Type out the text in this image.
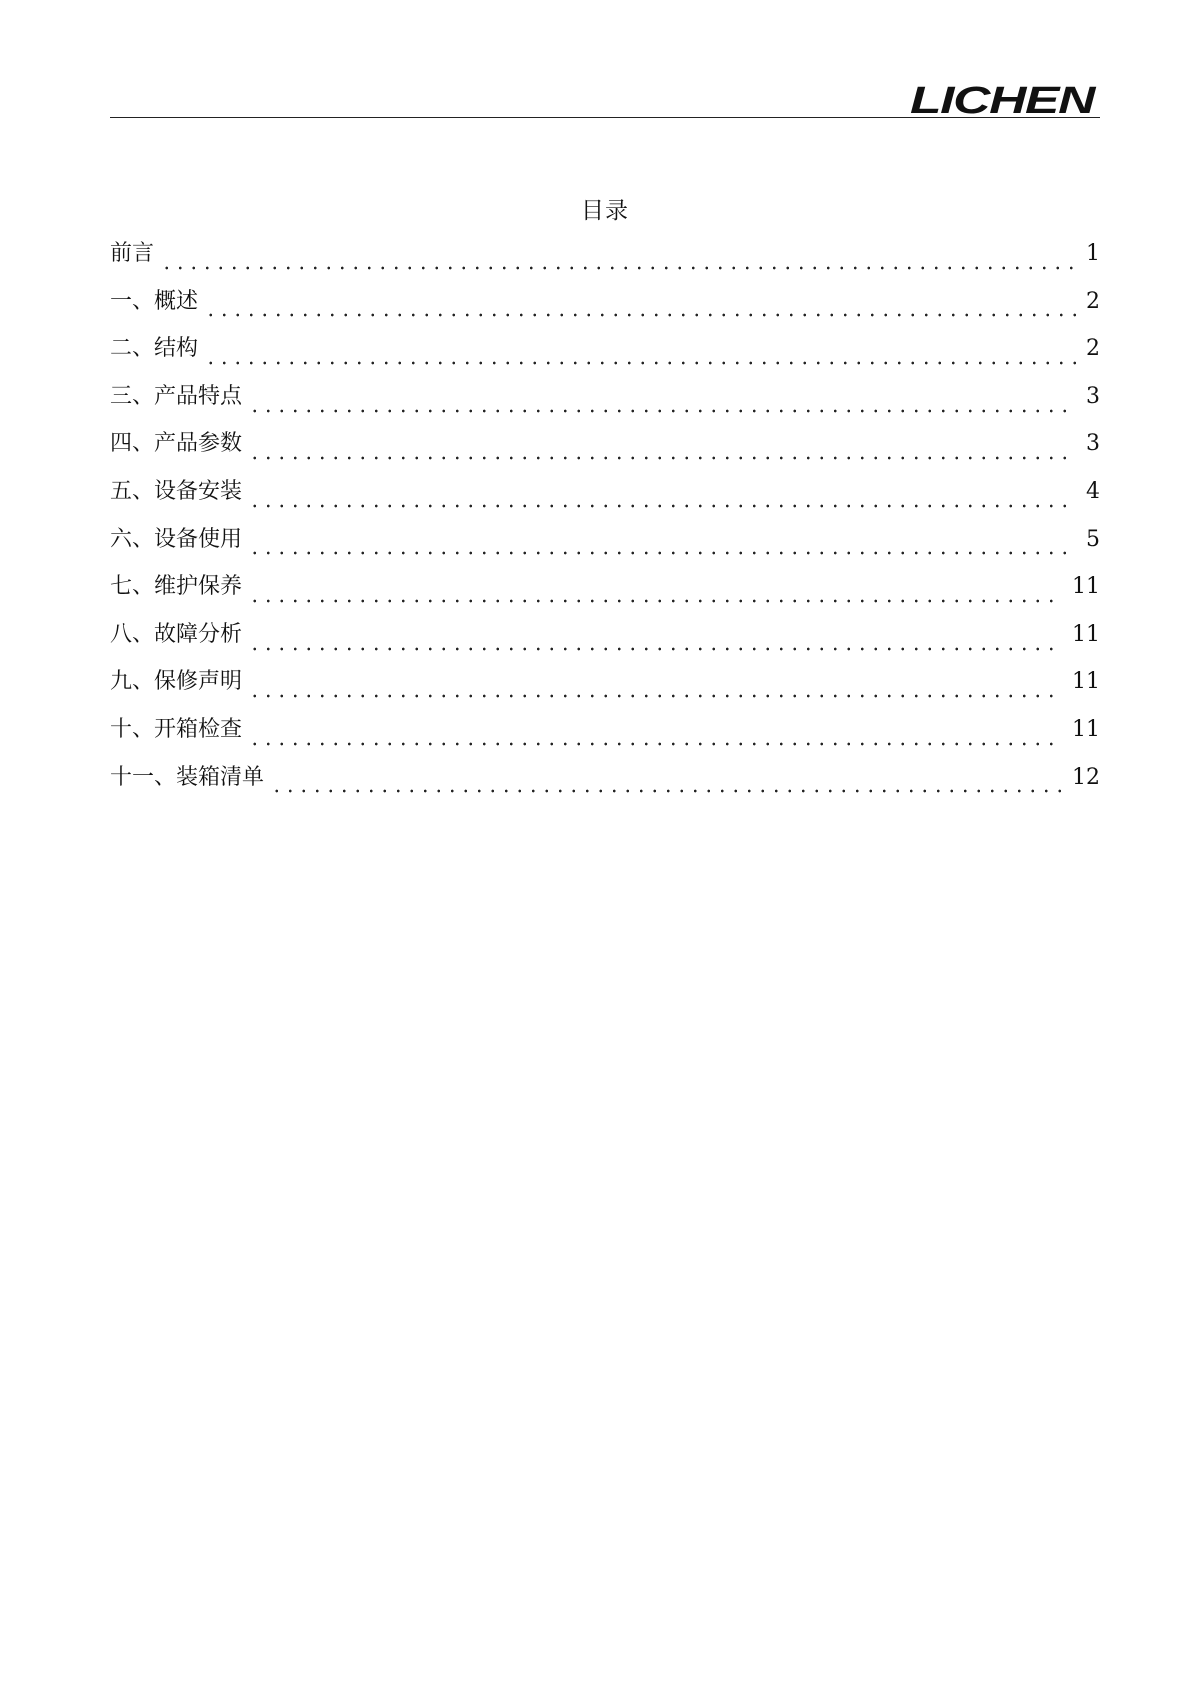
LICHEN
目录
前言	1
一、概述	2
二、结构	2
三、产品特点	3
四、产品参数	3
五、设备安装	4
六、设备使用	5
七、维护保养	11
八、故障分析	11
九、保修声明	11
十、开箱检查	11
十一、装箱清单	12
